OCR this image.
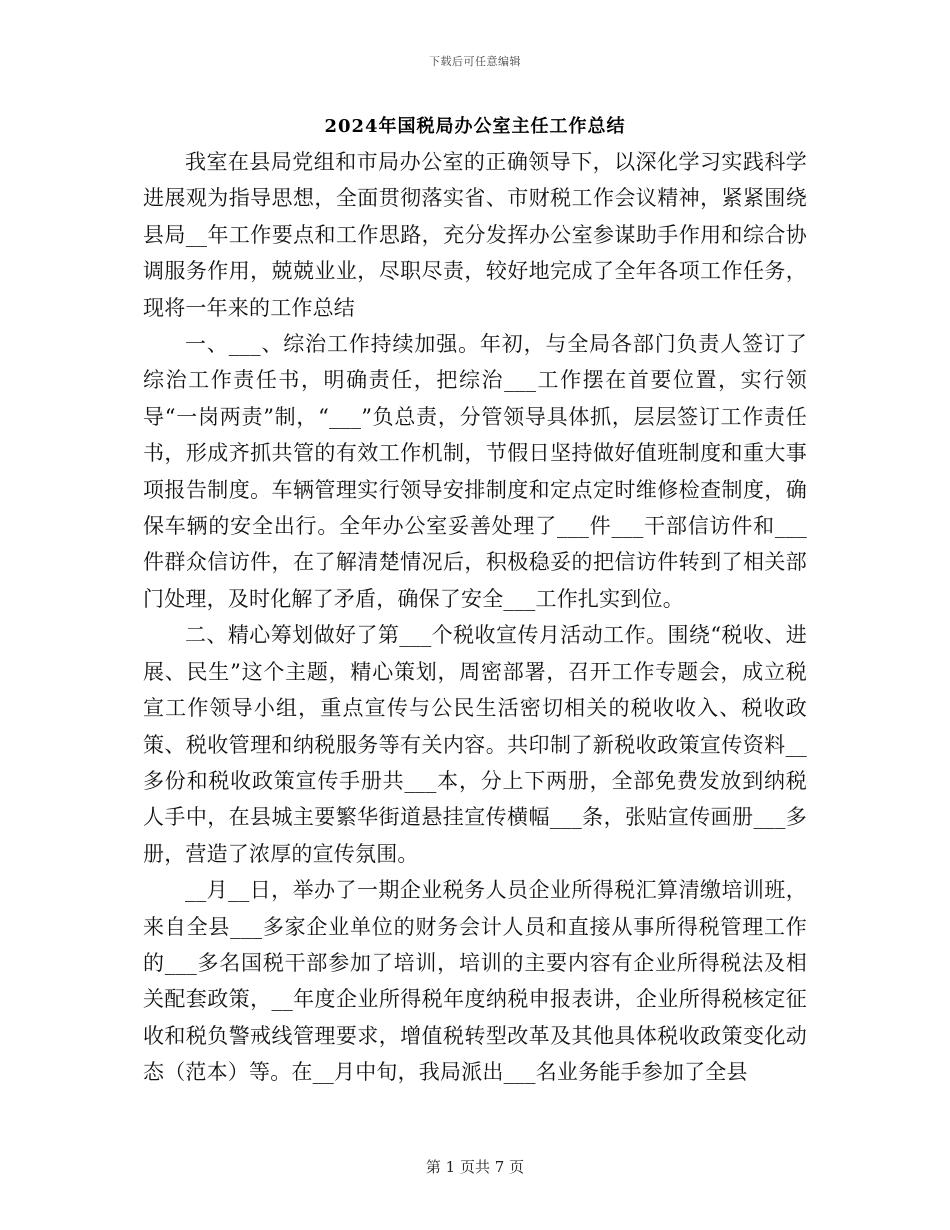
下载后可任意编辑
2024年国税局办公室主任工作总结

我室在县局党组和市局办公室的正确领导下，以深化学习实践科学进展观为指导思想，全面贯彻落实省、市财税工作会议精神，紧紧围绕县局__年工作要点和工作思路，充分发挥办公室参谋助手作用和综合协调服务作用，兢兢业业，尽职尽责，较好地完成了全年各项工作任务，现将一年来的工作总结

一、___、综治工作持续加强。年初，与全局各部门负责人签订了综治工作责任书，明确责任，把综治___工作摆在首要位置，实行领导“一岗两责”制，“___”负总责，分管领导具体抓，层层签订工作责任书，形成齐抓共管的有效工作机制，节假日坚持做好值班制度和重大事项报告制度。车辆管理实行领导安排制度和定点定时维修检查制度，确保车辆的安全出行。全年办公室妥善处理了___件___干部信访件和___件群众信访件，在了解清楚情况后，积极稳妥的把信访件转到了相关部门处理，及时化解了矛盾，确保了安全___工作扎实到位。

二、精心筹划做好了第___个税收宣传月活动工作。围绕“税收、进展、民生”这个主题，精心策划，周密部署，召开工作专题会，成立税宣工作领导小组，重点宣传与公民生活密切相关的税收收入、税收政策、税收管理和纳税服务等有关内容。共印制了新税收政策宣传资料__多份和税收政策宣传手册共___本，分上下两册，全部免费发放到纳税人手中，在县城主要繁华街道悬挂宣传横幅___条，张贴宣传画册___多册，营造了浓厚的宣传氛围。

__月__日，举办了一期企业税务人员企业所得税汇算清缴培训班，来自全县___多家企业单位的财务会计人员和直接从事所得税管理工作的___多名国税干部参加了培训，培训的主要内容有企业所得税法及相关配套政策，__年度企业所得税年度纳税申报表讲，企业所得税核定征收和税负警戒线管理要求，增值税转型改革及其他具体税收政策变化动态（范本）等。在__月中旬，我局派出___名业务能手参加了全县

第 1 页共 7 页
